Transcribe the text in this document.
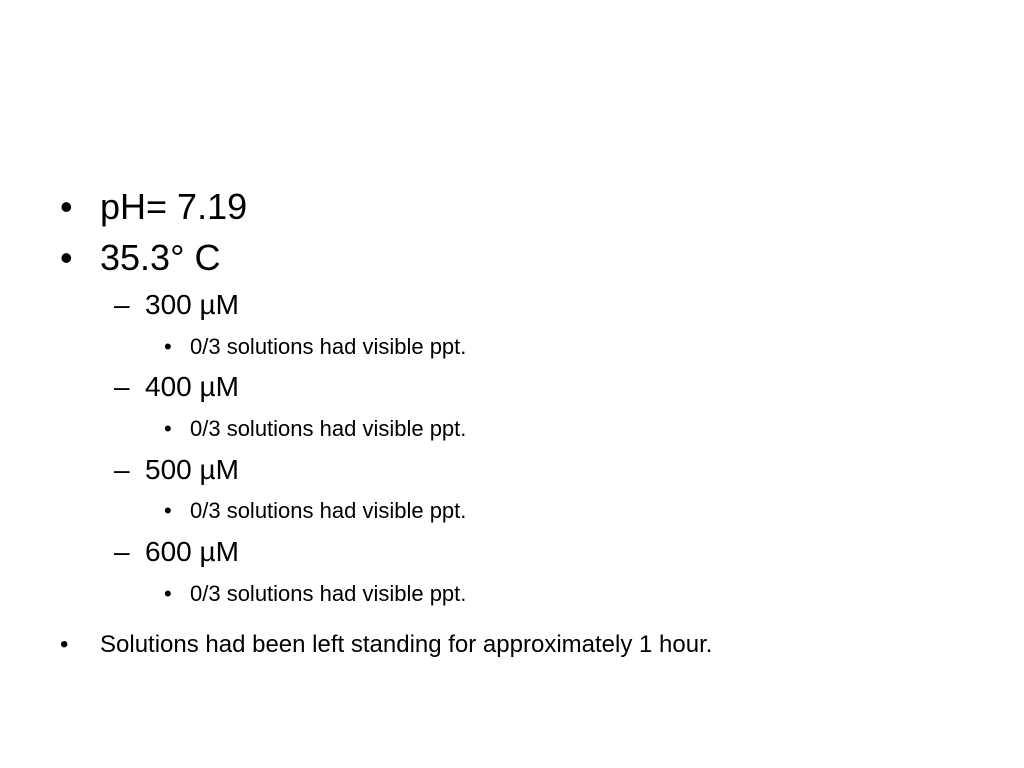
• pH= 7.19
• 35.3° C
– 300 µM
• 0/3 solutions had visible ppt.
– 400 µM
• 0/3 solutions had visible ppt.
– 500 µM
• 0/3 solutions had visible ppt.
– 600 µM
• 0/3 solutions had visible ppt.
• Solutions had been left standing for approximately 1 hour.
